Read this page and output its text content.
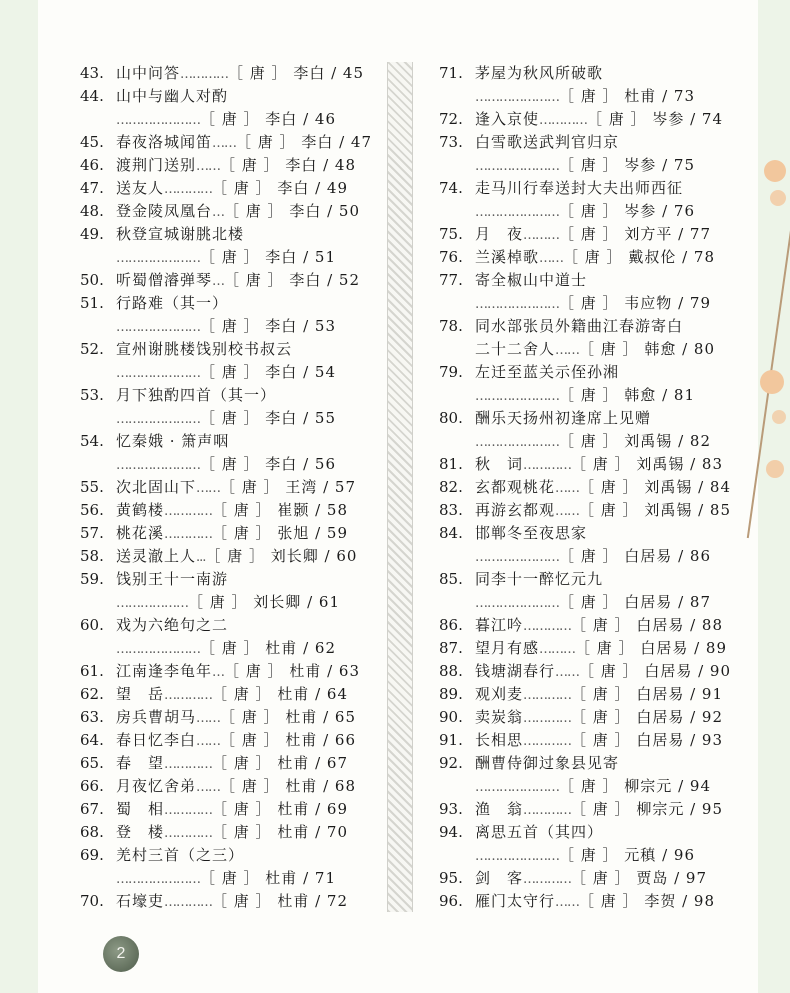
43. 山中问答…………［ 唐 ］ 李白 / 45
44. 山中与幽人对酌
…………………［ 唐 ］ 李白 / 46
45. 春夜洛城闻笛……［ 唐 ］ 李白 / 47
46. 渡荆门送别……［ 唐 ］ 李白 / 48
47. 送友人…………［ 唐 ］ 李白 / 49
48. 登金陵凤凰台…［ 唐 ］ 李白 / 50
49. 秋登宣城谢朓北楼
…………………［ 唐 ］ 李白 / 51
50. 听蜀僧濬弹琴…［ 唐 ］ 李白 / 52
51. 行路难（其一）
…………………［ 唐 ］ 李白 / 53
52. 宣州谢朓楼饯别校书叔云
…………………［ 唐 ］ 李白 / 54
53. 月下独酌四首（其一）
…………………［ 唐 ］ 李白 / 55
54. 忆秦娥 · 箫声咽
…………………［ 唐 ］ 李白 / 56
55. 次北固山下……［ 唐 ］ 王湾 / 57
56. 黄鹤楼…………［ 唐 ］ 崔颢 / 58
57. 桃花溪…………［ 唐 ］ 张旭 / 59
58. 送灵澈上人...［ 唐 ］ 刘长卿 / 60
59. 饯别王十一南游
………………［ 唐 ］ 刘长卿 / 61
60. 戏为六绝句之二
…………………［ 唐 ］ 杜甫 / 62
61. 江南逢李龟年…［ 唐 ］ 杜甫 / 63
62. 望　岳…………［ 唐 ］ 杜甫 / 64
63. 房兵曹胡马……［ 唐 ］ 杜甫 / 65
64. 春日忆李白……［ 唐 ］ 杜甫 / 66
65. 春　望…………［ 唐 ］ 杜甫 / 67
66. 月夜忆舍弟……［ 唐 ］ 杜甫 / 68
67. 蜀　相…………［ 唐 ］ 杜甫 / 69
68. 登　楼…………［ 唐 ］ 杜甫 / 70
69. 羌村三首（之三）
…………………［ 唐 ］ 杜甫 / 71
70. 石壕吏…………［ 唐 ］ 杜甫 / 72
71. 茅屋为秋风所破歌
…………………［ 唐 ］ 杜甫 / 73
72. 逢入京使…………［ 唐 ］ 岑参 / 74
73. 白雪歌送武判官归京
…………………［ 唐 ］ 岑参 / 75
74. 走马川行奉送封大夫出师西征
…………………［ 唐 ］ 岑参 / 76
75. 月　夜………［ 唐 ］ 刘方平 / 77
76. 兰溪棹歌……［ 唐 ］ 戴叔伦 / 78
77. 寄全椒山中道士
…………………［ 唐 ］ 韦应物 / 79
78. 同水部张员外籍曲江春游寄白
二十二舍人……［ 唐 ］ 韩愈 / 80
79. 左迁至蓝关示侄孙湘
…………………［ 唐 ］ 韩愈 / 81
80. 酬乐天扬州初逢席上见赠
…………………［ 唐 ］ 刘禹锡 / 82
81. 秋　词…………［ 唐 ］ 刘禹锡 / 83
82. 玄都观桃花……［ 唐 ］ 刘禹锡 / 84
83. 再游玄都观……［ 唐 ］ 刘禹锡 / 85
84. 邯郸冬至夜思家
…………………［ 唐 ］ 白居易 / 86
85. 同李十一醉忆元九
…………………［ 唐 ］ 白居易 / 87
86. 暮江吟…………［ 唐 ］ 白居易 / 88
87. 望月有感………［ 唐 ］ 白居易 / 89
88. 钱塘湖春行……［ 唐 ］ 白居易 / 90
89. 观刈麦…………［ 唐 ］ 白居易 / 91
90. 卖炭翁…………［ 唐 ］ 白居易 / 92
91. 长相思…………［ 唐 ］ 白居易 / 93
92. 酬曹侍御过象县见寄
…………………［ 唐 ］ 柳宗元 / 94
93. 渔　翁…………［ 唐 ］ 柳宗元 / 95
94. 离思五首（其四）
…………………［ 唐 ］ 元稹 / 96
95. 剑　客…………［ 唐 ］ 贾岛 / 97
96. 雁门太守行……［ 唐 ］ 李贺 / 98
2
